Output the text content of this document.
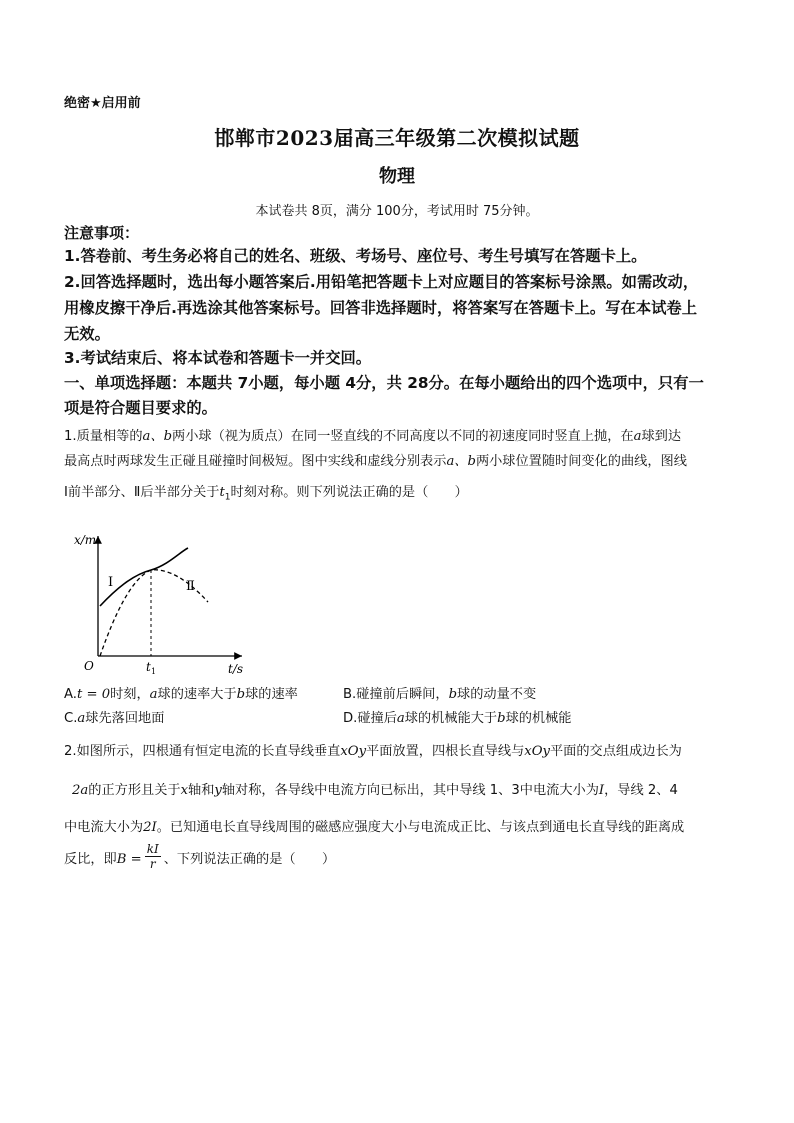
绝密★启用前
邯郸市2023届高三年级第二次模拟试题
物理
本试卷共 8页，满分 100分，考试用时 75分钟。
注意事项：
1.答卷前、考生务必将自己的姓名、班级、考场号、座位号、考生号填写在答题卡上。
2.回答选择题时，选出每小题答案后.用铅笔把答题卡上对应题目的答案标号涂黑。如需改动，
用橡皮擦干净后.再选涂其他答案标号。回答非选择题时，将答案写在答题卡上。写在本试卷上
无效。
3.考试结束后、将本试卷和答题卡一并交回。
一、单项选择题：本题共 7小题，每小题 4分，共 28分。在每小题给出的四个选项中，只有一
项是符合题目要求的。
1.质量相等的a、b两小球（视为质点）在同一竖直线的不同高度以不同的初速度同时竖直上抛，在a球到达
最高点时两球发生正碰且碰撞时间极短。图中实线和虚线分别表示a、b两小球位置随时间变化的曲线，图线
Ⅰ前半部分、Ⅱ后半部分关于$t_1$时刻对称。则下列说法正确的是（　　）
x/m
t/s
O	t 1
Ⅰ	Ⅱ
A.t = 0时刻，a球的速率大于b球的速率	B.碰撞前后瞬间，b球的动量不变
C.a球先落回地面	D.碰撞后a球的机械能大于b球的机械能
2.如图所示，四根通有恒定电流的长直导线垂直xOy平面放置，四根长直导线与xOy平面的交点组成边长为
2a的正方形且关于x轴和y轴对称，各导线中电流方向已标出，其中导线 1、3中电流大小为I，导线 2、4
中电流大小为2I。已知通电长直导线周围的磁感应强度大小与电流成正比、与该点到通电长直导线的距离成
反比，即$B = \frac{kI}{r}$ 、下列说法正确的是（　　）
